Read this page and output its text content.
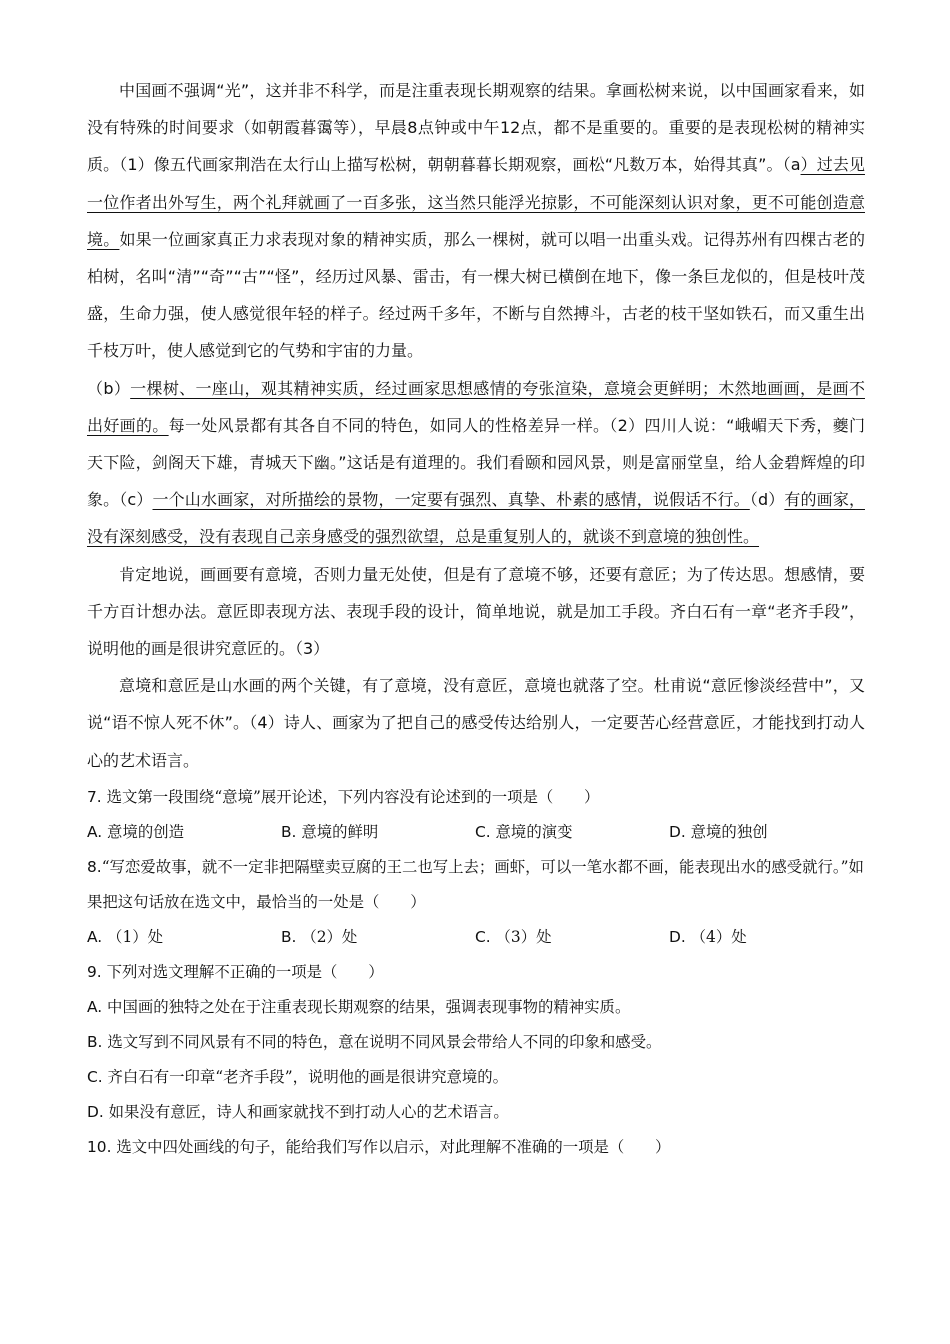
中国画不强调“光”，这并非不科学，而是注重表现长期观察的结果。拿画松树来说，以中国画家看来，如没有特殊的时间要求（如朝霞暮霭等），早晨8点钟或中午12点，都不是重要的。重要的是表现松树的精神实质。（1）像五代画家荆浩在太行山上描写松树，朝朝暮暮长期观察，画松“凡数万本，始得其真”。（a）过去见一位作者出外写生，两个礼拜就画了一百多张，这当然只能浮光掠影，不可能深刻认识对象，更不可能创造意境。如果一位画家真正力求表现对象的精神实质，那么一棵树，就可以唱一出重头戏。记得苏州有四棵古老的柏树，名叫“清”“奇”“古”“怪”，经历过风暴、雷击，有一棵大树已横倒在地下，像一条巨龙似的，但是枝叶茂盛，生命力强，使人感觉很年轻的样子。经过两千多年，不断与自然搏斗，古老的枝干坚如铁石，而又重生出千枝万叶，使人感觉到它的气势和宇宙的力量。

（b）一棵树、一座山，观其精神实质，经过画家思想感情的夸张渲染，意境会更鲜明；木然地画画，是画不出好画的。每一处风景都有其各自不同的特色，如同人的性格差异一样。（2）四川人说：“峨嵋天下秀，夔门天下险，剑阁天下雄，青城天下幽。”这话是有道理的。我们看颐和园风景，则是富丽堂皇，给人金碧辉煌的印象。（c）一个山水画家，对所描绘的景物，一定要有强烈、真挚、朴素的感情，说假话不行。（d）有的画家，没有深刻感受，没有表现自己亲身感受的强烈欲望，总是重复别人的，就谈不到意境的独创性。

肯定地说，画画要有意境，否则力量无处使，但是有了意境不够，还要有意匠；为了传达思。想感情，要千方百计想办法。意匠即表现方法、表现手段的设计，简单地说，就是加工手段。齐白石有一章“老齐手段”，说明他的画是很讲究意匠的。（3）

意境和意匠是山水画的两个关键，有了意境，没有意匠，意境也就落了空。杜甫说“意匠惨淡经营中”，又说“语不惊人死不休”。（4）诗人、画家为了把自己的感受传达给别人，一定要苦心经营意匠，才能找到打动人心的艺术语言。

7. 选文第一段围绕“意境”展开论述，下列内容没有论述到的一项是（　　）

A. 意境的创造	B. 意境的鲜明	C. 意境的演变	D. 意境的独创

8.“写恋爱故事，就不一定非把隔壁卖豆腐的王二也写上去；画虾，可以一笔水都不画，能表现出水的感受就行。”如果把这句话放在选文中，最恰当的一处是（　　）

A. （1）处	B. （2）处	C. （3）处	D. （4）处

9. 下列对选文理解不正确的一项是（　　）

A. 中国画的独特之处在于注重表现长期观察的结果，强调表现事物的精神实质。

B. 选文写到不同风景有不同的特色，意在说明不同风景会带给人不同的印象和感受。

C. 齐白石有一印章“老齐手段”，说明他的画是很讲究意境的。

D. 如果没有意匠，诗人和画家就找不到打动人心的艺术语言。

10. 选文中四处画线的句子，能给我们写作以启示，对此理解不准确的一项是（　　）
